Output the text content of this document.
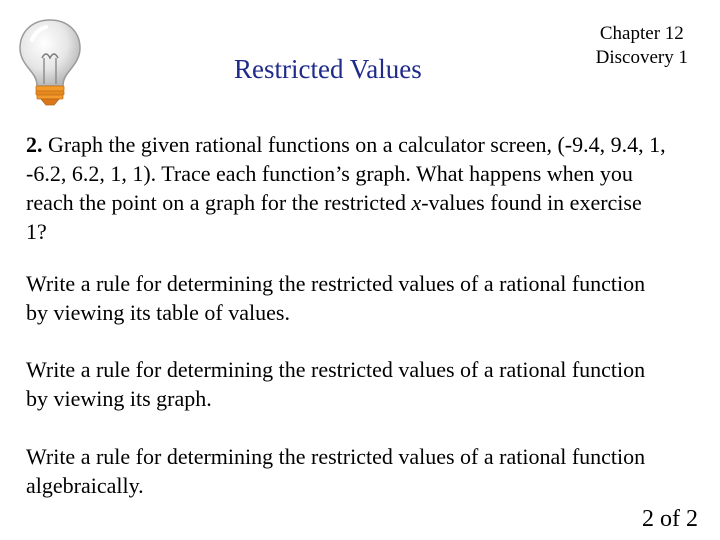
Restricted Values
Chapter 12
Discovery 1
2. Graph the given rational functions on a calculator screen, (-9.4, 9.4, 1, -6.2, 6.2, 1, 1). Trace each function’s graph. What happens when you reach the point on a graph for the restricted x-values found in exercise 1?
Write a rule for determining the restricted values of a rational function by viewing its table of values.
Write a rule for determining the restricted values of a rational function by viewing its graph.
Write a rule for determining the restricted values of a rational function algebraically.
2 of 2
